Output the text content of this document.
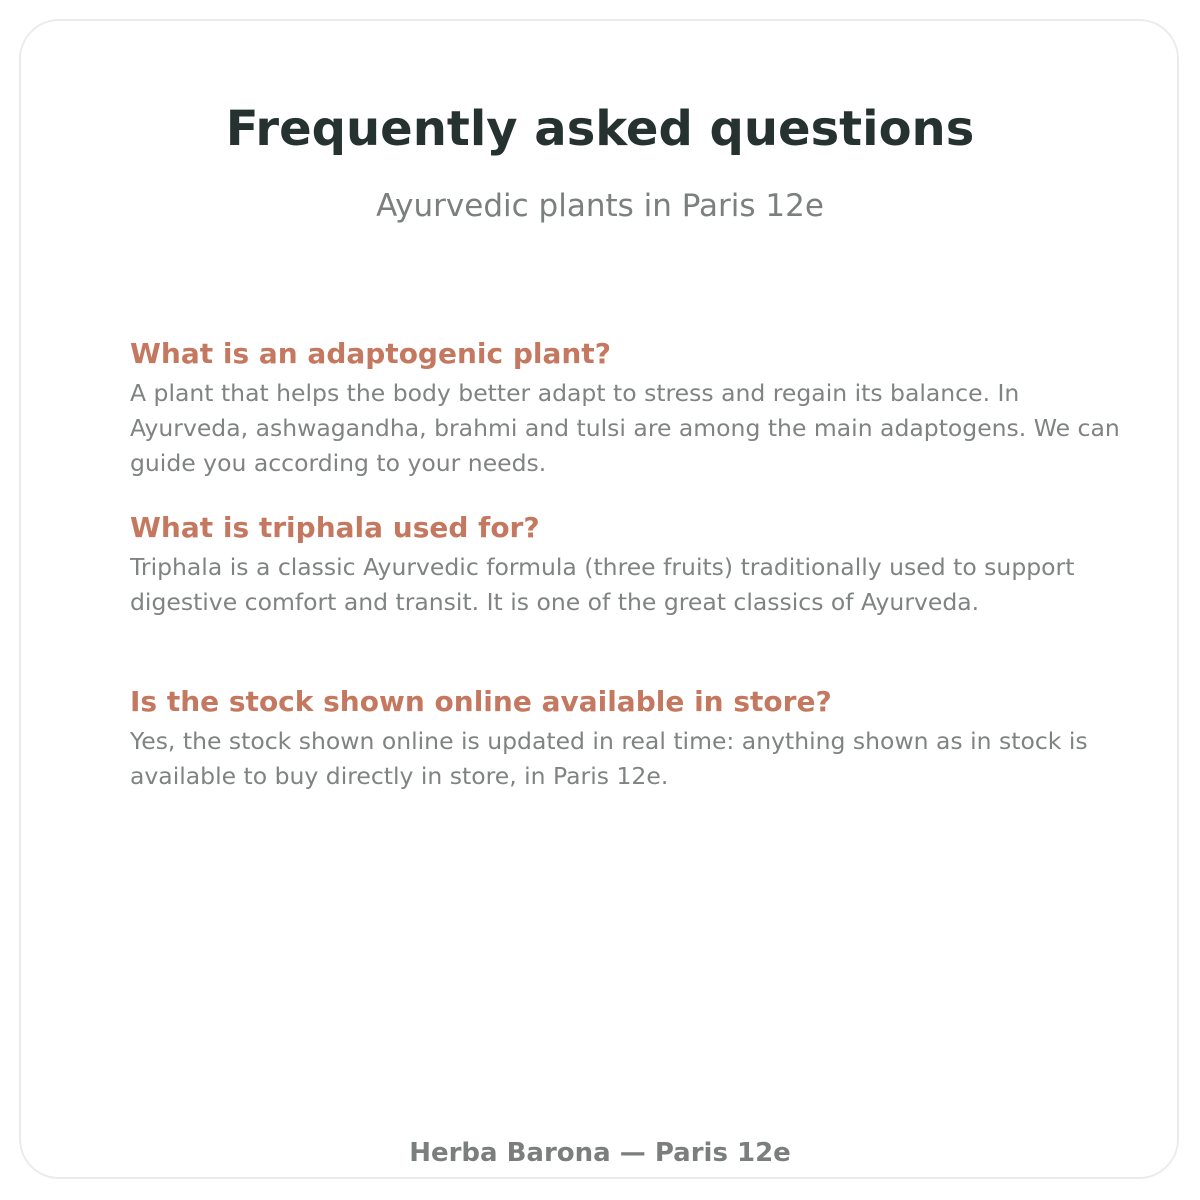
Frequently asked questions

Ayurvedic plants in Paris 12e

What is an adaptogenic plant?

A plant that helps the body better adapt to stress and regain its balance. In Ayurveda, ashwagandha, brahmi and tulsi are among the main adaptogens. We can guide you according to your needs.

What is triphala used for?

Triphala is a classic Ayurvedic formula (three fruits) traditionally used to support digestive comfort and transit. It is one of the great classics of Ayurveda.

Is the stock shown online available in store?

Yes, the stock shown online is updated in real time: anything shown as in stock is available to buy directly in store, in Paris 12e.

Herba Barona — Paris 12e
